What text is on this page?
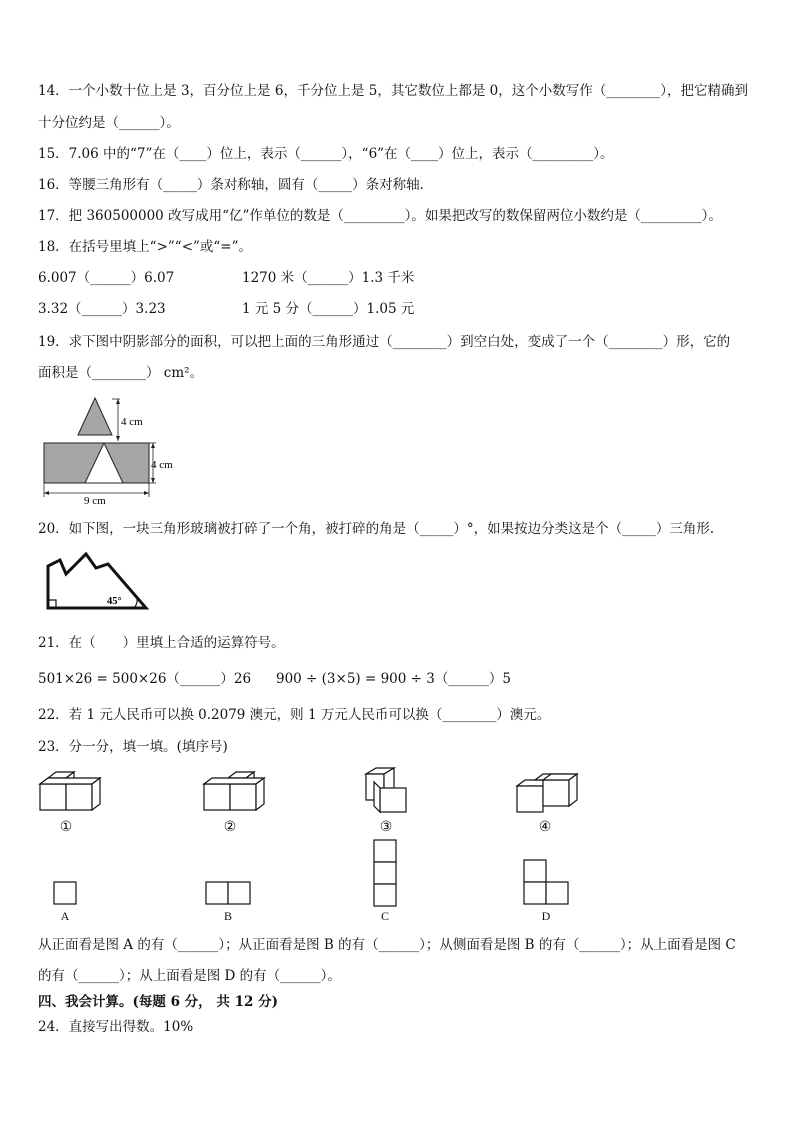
14．一个小数十位上是 3，百分位上是 6，千分位上是 5，其它数位上都是 0，这个小数写作（________），把它精确到
十分位约是（______）。
15．7.06 中的“7”在（____）位上，表示（______），“6”在（____）位上，表示（_________）。
16．等腰三角形有（_____）条对称轴，圆有（_____）条对称轴．
17．把 360500000 改写成用“亿”作单位的数是（_________）。如果把改写的数保留两位小数约是（_________）。
18．在括号里填上“>”“<”或“=”。
6.007（______）6.07	1270 米（______）1.3 千米
3.32（______）3.23	1 元 5 分（______）1.05 元
19．求下图中阴影部分的面积，可以把上面的三角形通过（________）到空白处，变成了一个（________）形，它的
面积是（________） cm²。
4 cm
4 cm
9 cm
20．如下图，一块三角形玻璃被打碎了一个角，被打碎的角是（_____）°，如果按边分类这是个（_____）三角形．
45°
21．在（　　）里填上合适的运算符号。
501×26 = 500×26（______）26 900 ÷ (3×5) = 900 ÷ 3（______）5
22．若 1 元人民币可以换 0.2079 澳元，则 1 万元人民币可以换（________）澳元。
23．分一分，填一填。(填序号)
①	②	③	④
A	B	C	D
从正面看是图 A 的有（______）；从正面看是图 B 的有（______）；从侧面看是图 B 的有（______）；从上面看是图 C
的有（______）；从上面看是图 D 的有（______）。
四、我会计算。(每题 6 分， 共 12 分)
24．直接写出得数。10%
